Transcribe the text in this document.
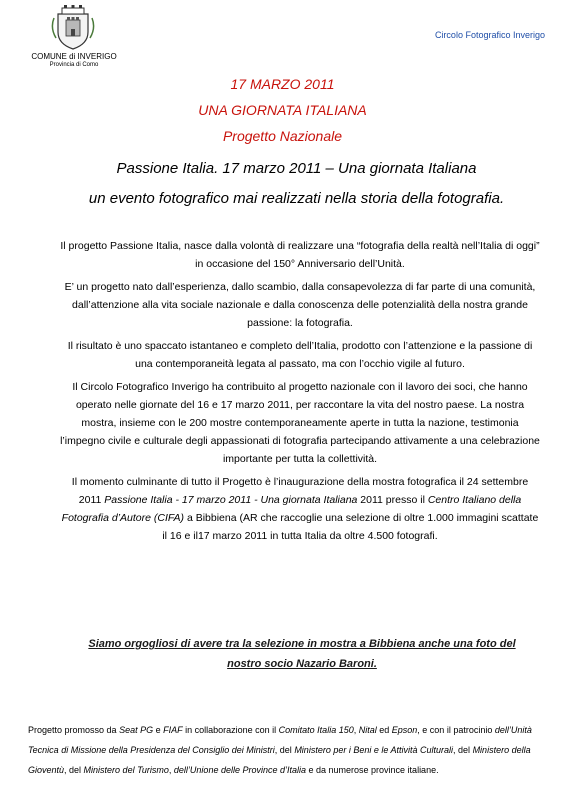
COMUNE di INVERIGO
Provincia di Como
Circolo Fotografico Inverigo
17 MARZO 2011
UNA GIORNATA ITALIANA
Progetto Nazionale
Passione Italia. 17 marzo 2011 – Una giornata Italiana
un evento fotografico mai realizzati nella storia della fotografia.

Il progetto Passione Italia, nasce dalla volontà di realizzare una “fotografia della realtà nell’Italia di oggi” in occasione del 150° Anniversario dell’Unità.

E’ un progetto nato dall’esperienza, dallo scambio, dalla consapevolezza di far parte di una comunità, dall’attenzione alla vita sociale nazionale e dalla conoscenza delle potenzialità della nostra grande passione: la fotografia.

Il risultato è uno spaccato istantaneo e completo dell’Italia, prodotto con l’attenzione e la passione di una contemporaneità legata al passato, ma con l’occhio vigile al futuro.

Il Circolo Fotografico Inverigo ha contribuito al progetto nazionale con il lavoro dei soci, che hanno operato nelle giornate del 16 e 17 marzo 2011, per raccontare la vita del nostro paese. La nostra mostra, insieme con le 200 mostre contemporaneamente aperte in tutta la nazione, testimonia l’impegno civile e culturale degli appassionati di fotografia partecipando attivamente a una celebrazione importante per tutta la collettività.

Il momento culminante di tutto il Progetto è l’inaugurazione della mostra fotografica il 24 settembre 2011 Passione Italia - 17 marzo 2011 - Una giornata Italiana 2011 presso il Centro Italiano della Fotografia d’Autore (CIFA) a Bibbiena (AR che raccoglie una selezione di oltre 1.000 immagini scattate il 16 e il17 marzo 2011 in tutta Italia da oltre 4.500 fotografi.

Siamo orgogliosi di avere tra la selezione in mostra a Bibbiena anche una foto del nostro socio Nazario Baroni.
Progetto promosso da Seat PG e FIAF in collaborazione con il Comitato Italia 150, Nital ed Epson, e con il patrocinio dell’Unità Tecnica di Missione della Presidenza del Consiglio dei Ministri, del Ministero per i Beni e le Attività Culturali, del Ministero della Gioventù, del Ministero del Turismo, dell’Unione delle Province d’Italia e da numerose province italiane.
